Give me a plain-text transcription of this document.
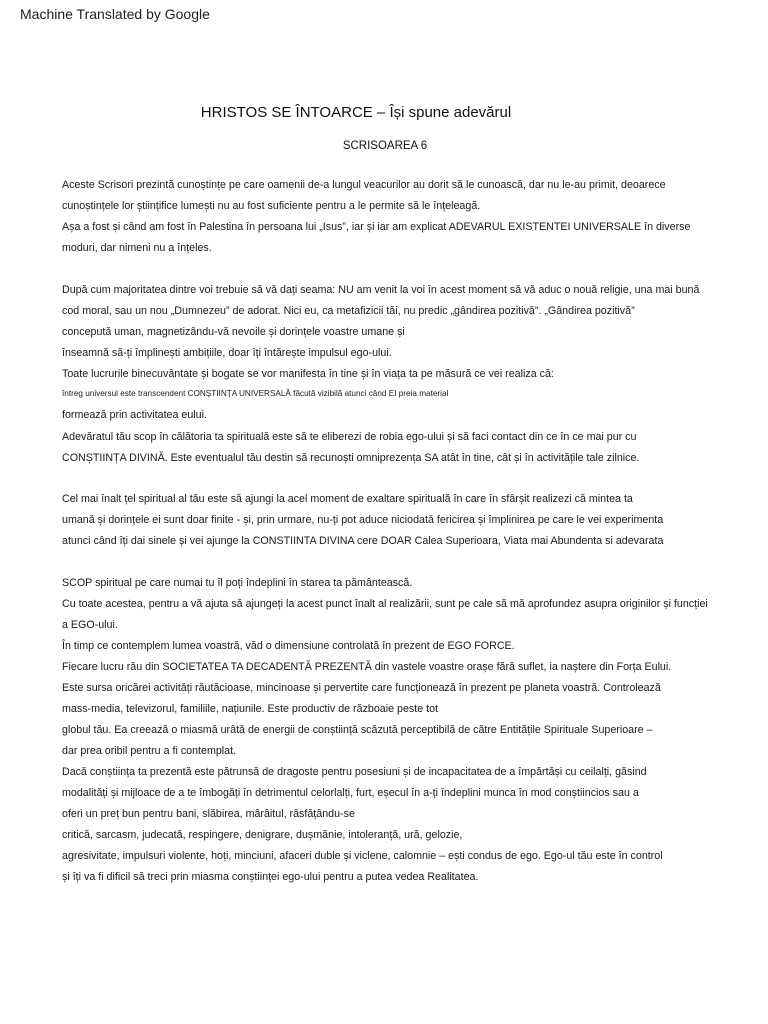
Machine Translated by Google
HRISTOS SE ÎNTOARCE – Își spune adevărul
SCRISOAREA 6
Aceste Scrisori prezintă cunoștințe pe care oamenii de-a lungul veacurilor au dorit să le cunoască, dar nu le-au primit, deoarece
cunoștințele lor științifice lumești nu au fost suficiente pentru a le permite să le înțeleagă.
Așa a fost și când am fost în Palestina în persoana lui „Isus”, iar și iar am explicat ADEVARUL EXISTENTEI UNIVERSALE în diverse
moduri, dar nimeni nu a înțeles.
După cum majoritatea dintre voi trebuie să vă dați seama: NU am venit la voi în acest moment să vă aduc o nouă religie, una mai bună
cod moral, sau un nou „Dumnezeu” de adorat. Nici eu, ca metafizicii tăi, nu predic „gândirea pozitivă”. „Gândirea pozitivă”
concepută uman, magnetizându-vă nevoile și dorințele voastre umane și
înseamnă să-ți împlinești ambițiile, doar îți întărește impulsul ego-ului.
Toate lucrurile binecuvântate și bogate se vor manifesta în tine și în viața ta pe măsură ce vei realiza că:
întreg universul este transcendent CONȘTIINȚA UNIVERSALĂ făcută vizibilă atunci când EI preia material
formează prin activitatea eului.
Adevăratul tău scop în călătoria ta spirituală este să te eliberezi de robia ego-ului și să faci contact din ce în ce mai pur cu
CONȘTIINȚA DIVINĂ. Este eventualul tău destin să recunoști omniprezența SA atât în tine, cât și în activitățile tale zilnice.
Cel mai înalt țel spiritual al tău este să ajungi la acel moment de exaltare spirituală în care în sfârșit realizezi că mintea ta
umană și dorințele ei sunt doar finite - și, prin urmare, nu-ți pot aduce niciodată fericirea și împlinirea pe care le vei experimenta
atunci când îți dai sinele și vei ajunge la CONSTIINTA DIVINA cere DOAR Calea Superioara, Viata mai Abundenta si adevarata
SCOP spiritual pe care numai tu îl poți îndeplini în starea ta pământească.
Cu toate acestea, pentru a vă ajuta să ajungeți la acest punct înalt al realizării, sunt pe cale să mă aprofundez asupra originilor și funcției
a EGO-ului.
În timp ce contemplem lumea voastră, văd o dimensiune controlată în prezent de EGO FORCE.
Fiecare lucru rău din SOCIETATEA TA DECADENTĂ PREZENTĂ din vastele voastre orașe fără suflet, ia naștere din Forța Eului.
Este sursa oricărei activități răutăcioase, mincinoase și pervertite care funcționează în prezent pe planeta voastră. Controlează
mass-media, televizorul, familiile, națiunile. Este productiv de războaie peste tot
globul tău. Ea creează o miasmă urâtă de energii de conștiință scăzută perceptibilă de către Entitățile Spirituale Superioare –
dar prea oribil pentru a fi contemplat.
Dacă conștiința ta prezentă este pătrunsă de dragoste pentru posesiuni și de incapacitatea de a împărtăși cu ceilalți, găsind
modalități și mijloace de a te îmbogăți în detrimentul celorlalți, furt, eșecul în a-ți îndeplini munca în mod conștiincios sau a
oferi un preț bun pentru bani, slăbirea, mârâitul, răsfățându-se
critică, sarcasm, judecată, respingere, denigrare, dușmănie, intoleranță, ură, gelozie,
agresivitate, impulsuri violente, hoți, minciuni, afaceri duble și viclene, calomnie – ești condus de ego. Ego-ul tău este în control
și îți va fi dificil să treci prin miasma conștiinței ego-ului pentru a putea vedea Realitatea.
